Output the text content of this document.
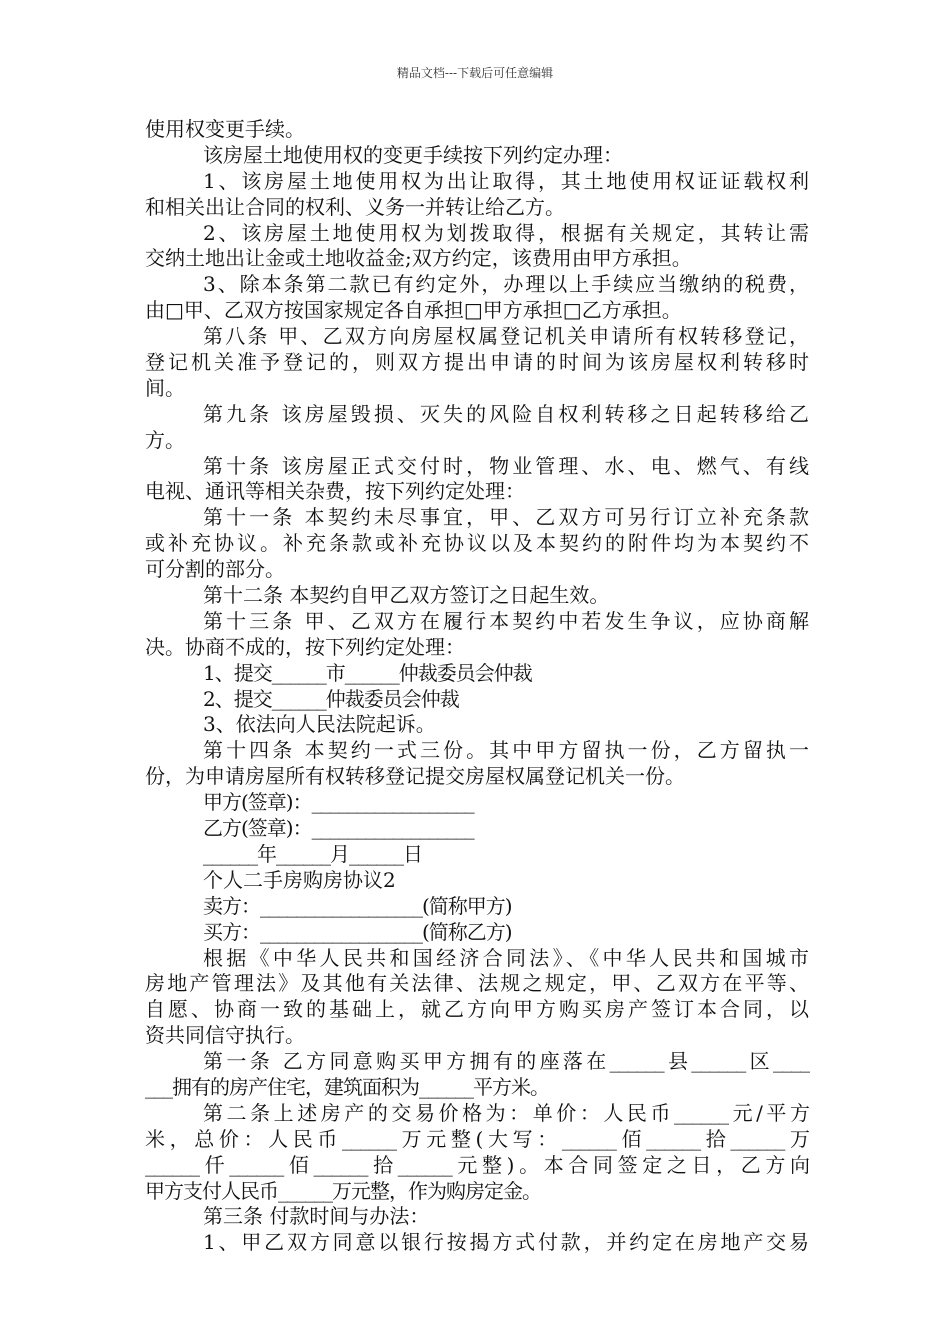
精品文档---下载后可任意编辑
使用权变更手续。
该房屋土地使用权的变更手续按下列约定办理：
1、该房屋土地使用权为出让取得，其土地使用权证证载权利
和相关出让合同的权利、义务一并转让给乙方。
2、该房屋土地使用权为划拨取得，根据有关规定，其转让需
交纳土地出让金或土地收益金;双方约定，该费用由甲方承担。
3、除本条第二款已有约定外，办理以上手续应当缴纳的税费，
由□甲、乙双方按国家规定各自承担□甲方承担□乙方承担。
第八条 甲、乙双方向房屋权属登记机关申请所有权转移登记，
登记机关准予登记的，则双方提出申请的时间为该房屋权利转移时
间。
第九条 该房屋毁损、灭失的风险自权利转移之日起转移给乙
方。
第十条 该房屋正式交付时，物业管理、水、电、燃气、有线
电视、通讯等相关杂费，按下列约定处理：
第十一条 本契约未尽事宜，甲、乙双方可另行订立补充条款
或补充协议。补充条款或补充协议以及本契约的附件均为本契约不
可分割的部分。
第十二条 本契约自甲乙双方签订之日起生效。
第十三条 甲、乙双方在履行本契约中若发生争议，应协商解
决。协商不成的，按下列约定处理：
1、提交______市______仲裁委员会仲裁
2、提交______仲裁委员会仲裁
3、依法向人民法院起诉。
第十四条 本契约一式三份。其中甲方留执一份，乙方留执一
份，为申请房屋所有权转移登记提交房屋权属登记机关一份。
甲方(签章)：__________________
乙方(签章)：__________________
______年______月______日
个人二手房购房协议2
卖方：__________________(简称甲方)
买方：__________________(简称乙方)
根据《中华人民共和国经济合同法》、《中华人民共和国城市
房地产管理法》及其他有关法律、法规之规定，甲、乙双方在平等、
自愿、协商一致的基础上，就乙方向甲方购买房产签订本合同，以
资共同信守执行。
第一条 乙方同意购买甲方拥有的座落在______县______区____
___拥有的房产住宅，建筑面积为______平方米。
第二条上述房产的交易价格为：单价：人民币______元/平方
米，总价：人民币______万元整(大写：______佰______拾______万
______仟______佰______拾______元整)。本合同签定之日，乙方向
甲方支付人民币______万元整，作为购房定金。
第三条 付款时间与办法：
1、甲乙双方同意以银行按揭方式付款，并约定在房地产交易
